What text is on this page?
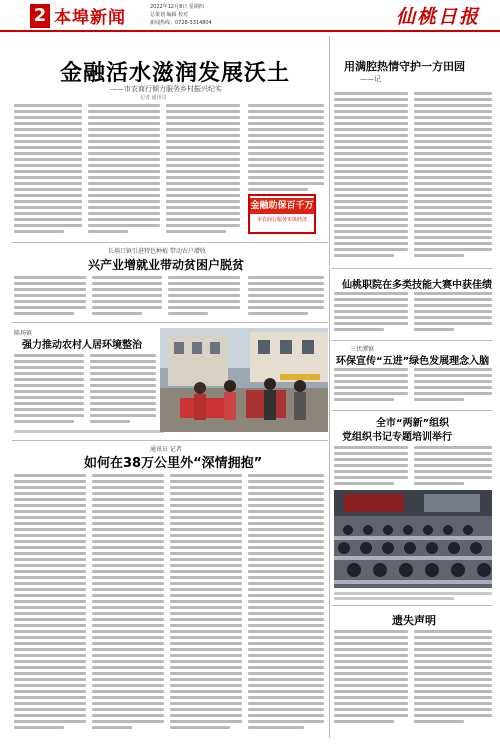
2 本埠新闻
2022年12月8日 星期四
总策划 编辑 校对
新闻热线：0728-3314804	仙桃日报
金融活水滋润发展沃土
——市农商行倾力服务乡村振兴纪实
记者 通讯员
金融助保百千万
市农商行服务实体经济
用满腔热情守护一方田园
——记
长埫口镇引进特色种植 带动农户增收
兴产业增就业带动贫困户脱贫
陈场镇
强力推动农村人居环境整治
通讯员 记者
如何在38万公里外“深情拥抱”
仙桃职院在多类技能大赛中获佳绩
三伏潭镇
环保宣传“五进”绿色发展理念入脑
全市“两新”组织
党组织书记专题培训举行
遗失声明
